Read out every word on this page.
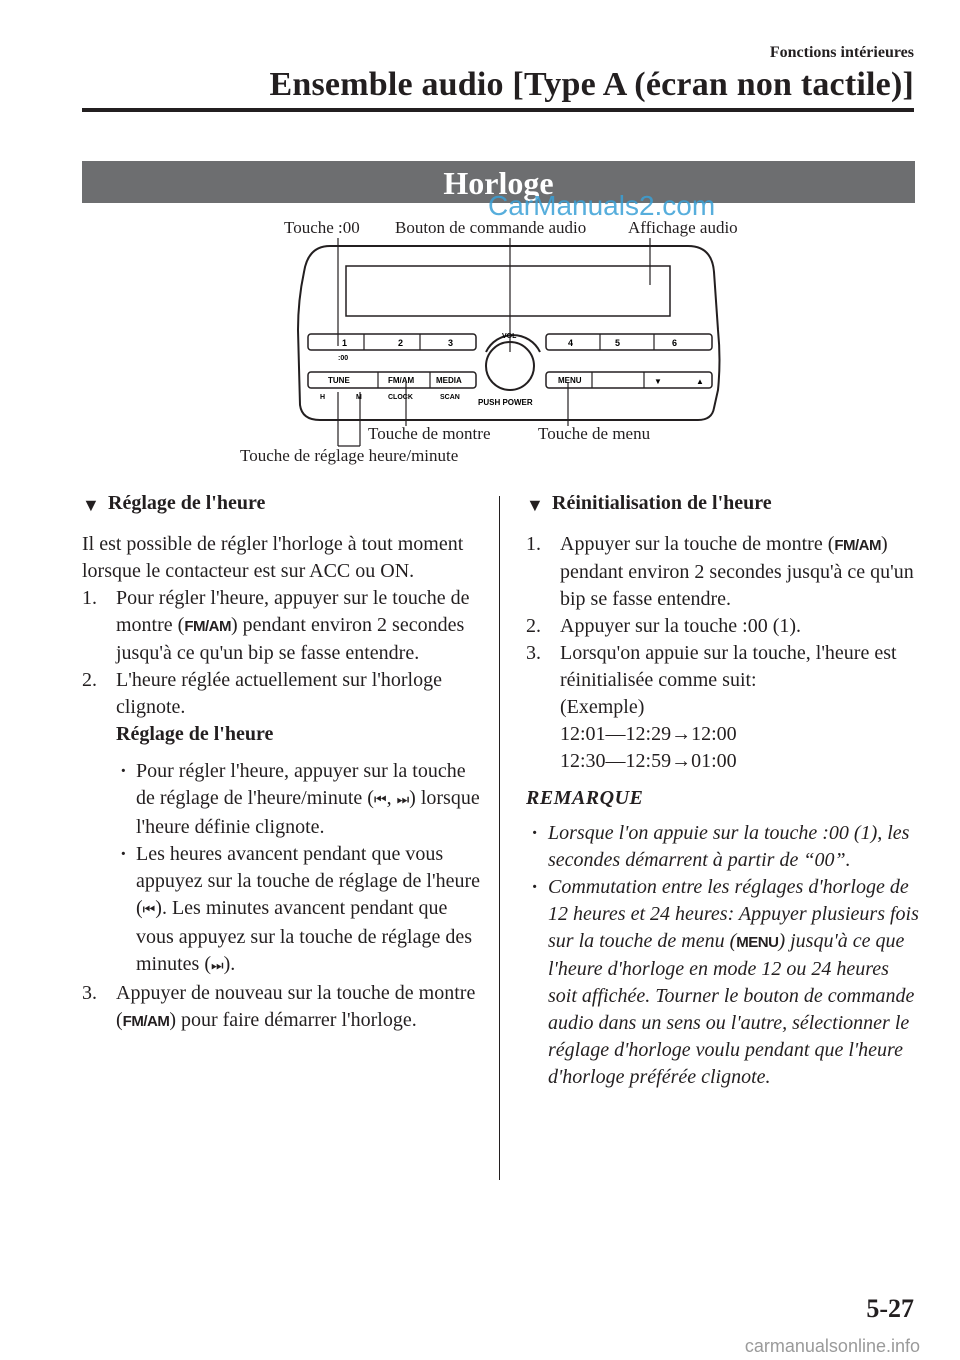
Fonctions intérieures
Ensemble audio [Type A (écran non tactile)]
Horloge
CarManuals2.com
Touche :00 Bouton de commande audio Affichage audio
Touche de montre	Touche de menu
Touche de réglage heure/minute
1	2	3
:00
4	5	6
VOL
TUNE
H	M
FM/AM
CLOCK
MEDIA
SCAN
PUSH POWER
MENU	▼	▲
▼ Réglage de l'heure

Il est possible de régler l'horloge à tout moment lorsque le contacteur est sur ACC ou ON.

1. Pour régler l'heure, appuyer sur le touche de montre (FM/AM) pendant environ 2 secondes jusqu'à ce qu'un bip se fasse entendre.
2. L'heure réglée actuellement sur l'horloge clignote.
Réglage de l'heure
· Pour régler l'heure, appuyer sur la touche de réglage de l'heure/minute (⏮, ⏭) lorsque l'heure définie clignote.
· Les heures avancent pendant que vous appuyez sur la touche de réglage de l'heure (⏮). Les minutes avancent pendant que vous appuyez sur la touche de réglage des minutes (⏭).
3. Appuyer de nouveau sur la touche de montre (FM/AM) pour faire démarrer l'horloge.
▼ Réinitialisation de l'heure
1. Appuyer sur la touche de montre (FM/AM) pendant environ 2 secondes jusqu'à ce qu'un bip se fasse entendre.
2. Appuyer sur la touche :00 (1).
3. Lorsqu'on appuie sur la touche, l'heure est réinitialisée comme suit:
(Exemple)
12:01―12:29→12:00
12:30―12:59→01:00
REMARQUE
· Lorsque l'on appuie sur la touche :00 (1), les secondes démarrent à partir de “00”.
· Commutation entre les réglages d'horloge de 12 heures et 24 heures: Appuyer plusieurs fois sur la touche de menu (MENU) jusqu'à ce que l'heure d'horloge en mode 12 ou 24 heures soit affichée. Tourner le bouton de commande audio dans un sens ou l'autre, sélectionner le réglage d'horloge voulu pendant que l'heure d'horloge préférée clignote.
5-27
carmanualsonline.info
